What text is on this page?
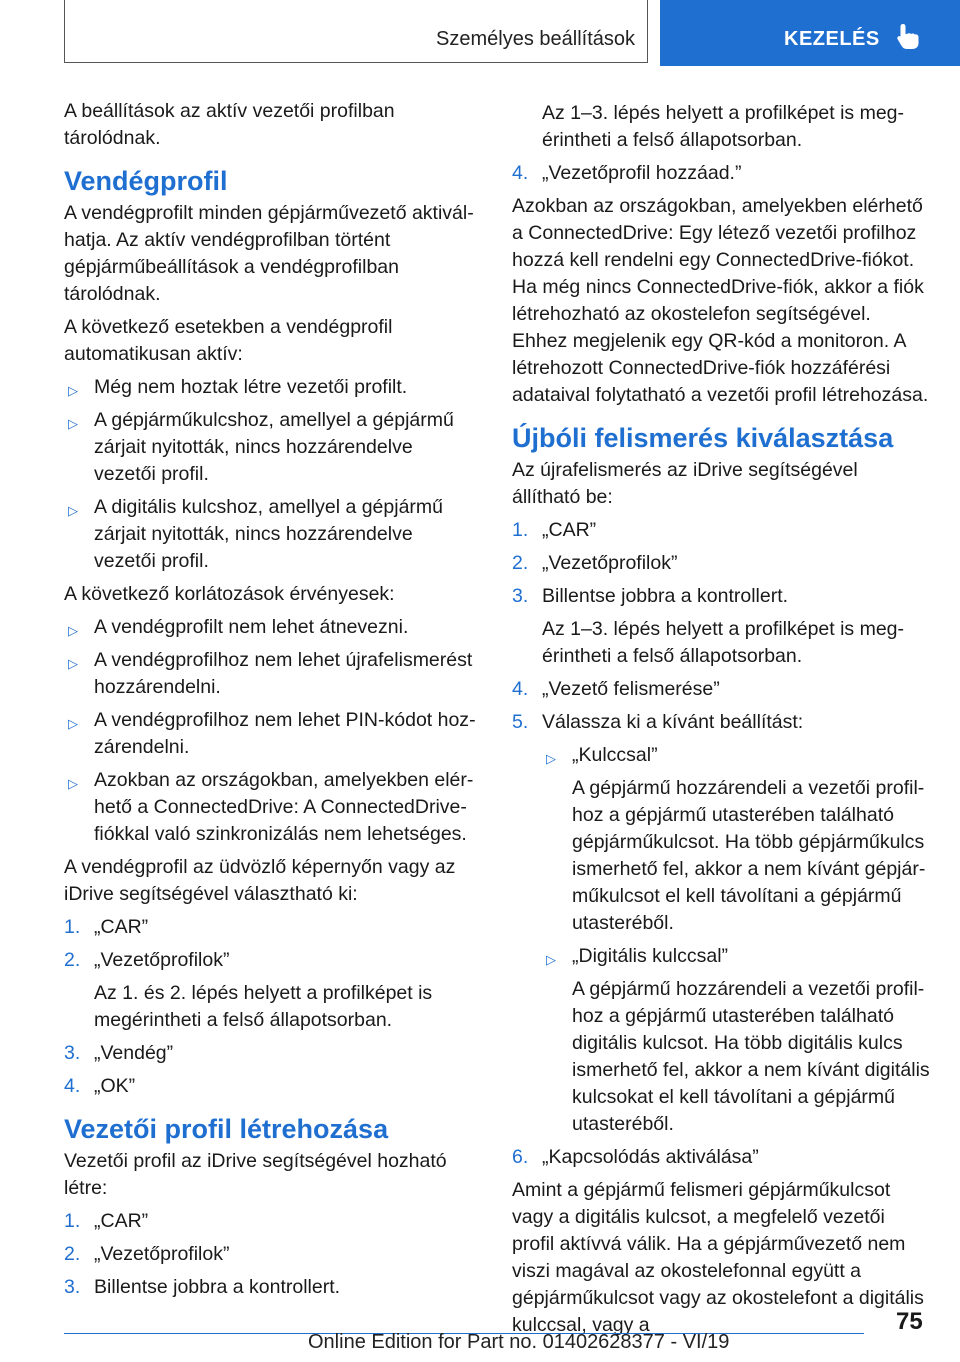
Személyes beállítások	KEZELÉS

A beállítások az aktív vezetői profilban tárolódnak.

Vendégprofil

A vendégprofilt minden gépjárművezető aktiválhatja. Az aktív vendégprofilban történt gépjárműbeállítások a vendégprofilban tárolódnak.

A következő esetekben a vendégprofil automatikusan aktív:

▷ Még nem hoztak létre vezetői profilt.
▷ A gépjárműkulcshoz, amellyel a gépjármű zárjait nyitották, nincs hozzárendelve vezetői profil.
▷ A digitális kulcshoz, amellyel a gépjármű zárjait nyitották, nincs hozzárendelve vezetői profil.

A következő korlátozások érvényesek:

▷ A vendégprofilt nem lehet átnevezni.
▷ A vendégprofilhoz nem lehet újrafelismerést hozzárendelni.
▷ A vendégprofilhoz nem lehet PIN-kódot hozzárendelni.
▷ Azokban az országokban, amelyekben elérhető a ConnectedDrive: A ConnectedDrive-fiókkal való szinkronizálás nem lehetséges.

A vendégprofil az üdvözlő képernyőn vagy az iDrive segítségével választható ki:

1. „CAR”
2. „Vezetőprofilok”
Az 1. és 2. lépés helyett a profilképet is megérintheti a felső állapotsorban.
3. „Vendég”
4. „OK”
Vezetői profil létrehozása

Vezetői profil az iDrive segítségével hozható létre:

1. „CAR”
2. „Vezetőprofilok”
3. Billentse jobbra a kontrollert.
Az 1–3. lépés helyett a profilképet is megérintheti a felső állapotsorban.
4. „Vezetőprofil hozzáad.”

Azokban az országokban, amelyekben elérhető a ConnectedDrive: Egy létező vezetői profilhoz hozzá kell rendelni egy ConnectedDrive-fiókot. Ha még nincs ConnectedDrive-fiók, akkor a fiók létrehozható az okostelefon segítségével. Ehhez megjelenik egy QR-kód a monitoron. A létrehozott ConnectedDrive-fiók hozzáférési adataival folytatható a vezetői profil létrehozása.

Újbóli felismerés kiválasztása

Az újrafelismerés az iDrive segítségével állítható be:

1. „CAR”
2. „Vezetőprofilok”
3. Billentse jobbra a kontrollert.
Az 1–3. lépés helyett a profilképet is megérintheti a felső állapotsorban.
4. „Vezető felismerése”
5. Válassza ki a kívánt beállítást:
▷ „Kulccsal”
A gépjármű hozzárendeli a vezetői profilhoz a gépjármű utasterében található gépjárműkulcsot. Ha több gépjárműkulcs ismerhető fel, akkor a nem kívánt gépjárműkulcsot el kell távolítani a gépjármű utasteréből.
▷ „Digitális kulccsal”
A gépjármű hozzárendeli a vezetői profilhoz a gépjármű utasterében található digitális kulcsot. Ha több digitális kulcs ismerhető fel, akkor a nem kívánt digitális kulcsokat el kell távolítani a gépjármű utasteréből.
6. „Kapcsolódás aktiválása”

Amint a gépjármű felismeri gépjárműkulcsot vagy a digitális kulcsot, a megfelelő vezetői profil aktívvá válik. Ha a gépjárművezető nem viszi magával az okostelefonnal együtt a gépjárműkulcsot vagy az okostelefont a digitális kulccsal, vagy a	75
Online Edition for Part no. 01402628377 - VI/19
